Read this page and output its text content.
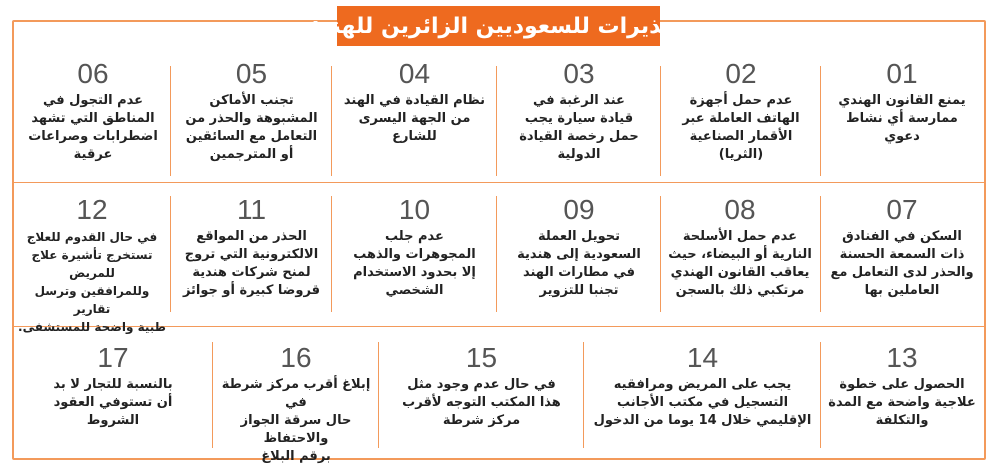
تحذيرات للسعوديين الزائرين للهند:
01
يمنع القانون الهندي
ممارسة أي نشاط
دعوي
02
عدم حمل أجهزة
الهاتف العاملة عبر
الأقمار الصناعية
(الثريا)
03
عند الرغبة في
قيادة سيارة يجب
حمل رخصة القيادة
الدولية
04
نظام القيادة في الهند
من الجهة اليسرى
للشارع
05
تجنب الأماكن
المشبوهة والحذر من
التعامل مع السائقين
أو المترجمين
06
عدم التجول في
المناطق التي تشهد
اضطرابات وصراعات
عرقية
07
السكن في الفنادق
ذات السمعة الحسنة
والحذر لدى التعامل مع
العاملين بها
08
عدم حمل الأسلحة
النارية أو البيضاء، حيث
يعاقب القانون الهندي
مرتكبي ذلك بالسجن
09
تحويل العملة
السعودية إلى هندية
في مطارات الهند
تجنبا للتزوير
10
عدم جلب
المجوهرات والذهب
إلا بحدود الاستخدام
الشخصي
11
الحذر من المواقع
الالكترونية التي تروج
لمنح شركات هندية
قروضا كبيرة أو جوائز
12
في حال القدوم للعلاج
تستخرج تأشيرة علاج للمريض
وللمرافقين وترسل تقارير
طبية واضحة للمستشفى.
13
الحصول على خطوة
علاجية واضحة مع المدة
والتكلفة
14
يجب على المريض ومرافقيه
التسجيل في مكتب الأجانب
الإقليمي خلال 14 يوما من الدخول
15
في حال عدم وجود مثل
هذا المكتب التوجه لأقرب
مركز شرطة
16
إبلاغ أقرب مركز شرطة في
حال سرقة الجواز والاحتفاظ
برقم البلاغ
17
بالنسبة للتجار لا بد
أن تستوفي العقود
الشروط
